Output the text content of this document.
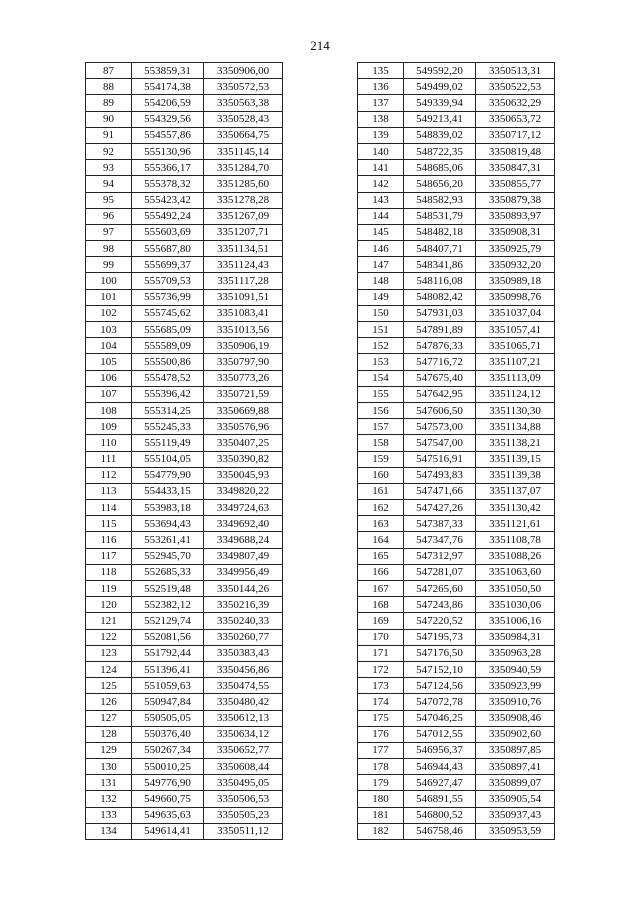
214
87	553859,31	3350906,00
88	554174,38	3350572,53
89	554206,59	3350563,38
90	554329,56	3350528,43
91	554557,86	3350664,75
92	555130,96	3351145,14
93	555366,17	3351284,70
94	555378,32	3351285,60
95	555423,42	3351278,28
96	555492,24	3351267,09
97	555603,69	3351207,71
98	555687,80	3351134,51
99	555699,37	3351124,43
100	555709,53	3351117,28
101	555736,99	3351091,51
102	555745,62	3351083,41
103	555685,09	3351013,56
104	555589,09	3350906,19
105	555500,86	3350797,90
106	555478,52	3350773,26
107	555396,42	3350721,59
108	555314,25	3350669,88
109	555245,33	3350576,96
110	555119,49	3350407,25
111	555104,05	3350390,82
112	554779,90	3350045,93
113	554433,15	3349820,22
114	553983,18	3349724,63
115	553694,43	3349692,40
116	553261,41	3349688,24
117	552945,70	3349807,49
118	552685,33	3349956,49
119	552519,48	3350144,26
120	552382,12	3350216,39
121	552129,74	3350240,33
122	552081,56	3350260,77
123	551792,44	3350383,43
124	551396,41	3350456,86
125	551059,63	3350474,55
126	550947,84	3350480,42
127	550505,05	3350612,13
128	550376,40	3350634,12
129	550267,34	3350652,77
130	550010,25	3350608,44
131	549776,90	3350495,05
132	549660,75	3350506,53
133	549635,63	3350505,23
134	549614,41	3350511,12
135	549592,20	3350513,31
136	549499,02	3350522,53
137	549339,94	3350632,29
138	549213,41	3350653,72
139	548839,02	3350717,12
140	548722,35	3350819,48
141	548685,06	3350847,31
142	548656,20	3350855,77
143	548582,93	3350879,38
144	548531,79	3350893,97
145	548482,18	3350908,31
146	548407,71	3350925,79
147	548341,86	3350932,20
148	548116,08	3350989,18
149	548082,42	3350998,76
150	547931,03	3351037,04
151	547891,89	3351057,41
152	547876,33	3351065,71
153	547716,72	3351107,21
154	547675,40	3351113,09
155	547642,95	3351124,12
156	547606,50	3351130,30
157	547573,00	3351134,88
158	547547,00	3351138,21
159	547516,91	3351139,15
160	547493,83	3351139,38
161	547471,66	3351137,07
162	547427,26	3351130,42
163	547387,33	3351121,61
164	547347,76	3351108,78
165	547312,97	3351088,26
166	547281,07	3351063,60
167	547265,60	3351050,50
168	547243,86	3351030,06
169	547220,52	3351006,16
170	547195,73	3350984,31
171	547176,50	3350963,28
172	547152,10	3350940,59
173	547124,56	3350923,99
174	547072,78	3350910,76
175	547046,25	3350908,46
176	547012,55	3350902,60
177	546956,37	3350897,85
178	546944,43	3350897,41
179	546927,47	3350899,07
180	546891,55	3350905,54
181	546800,52	3350937,43
182	546758,46	3350953,59
